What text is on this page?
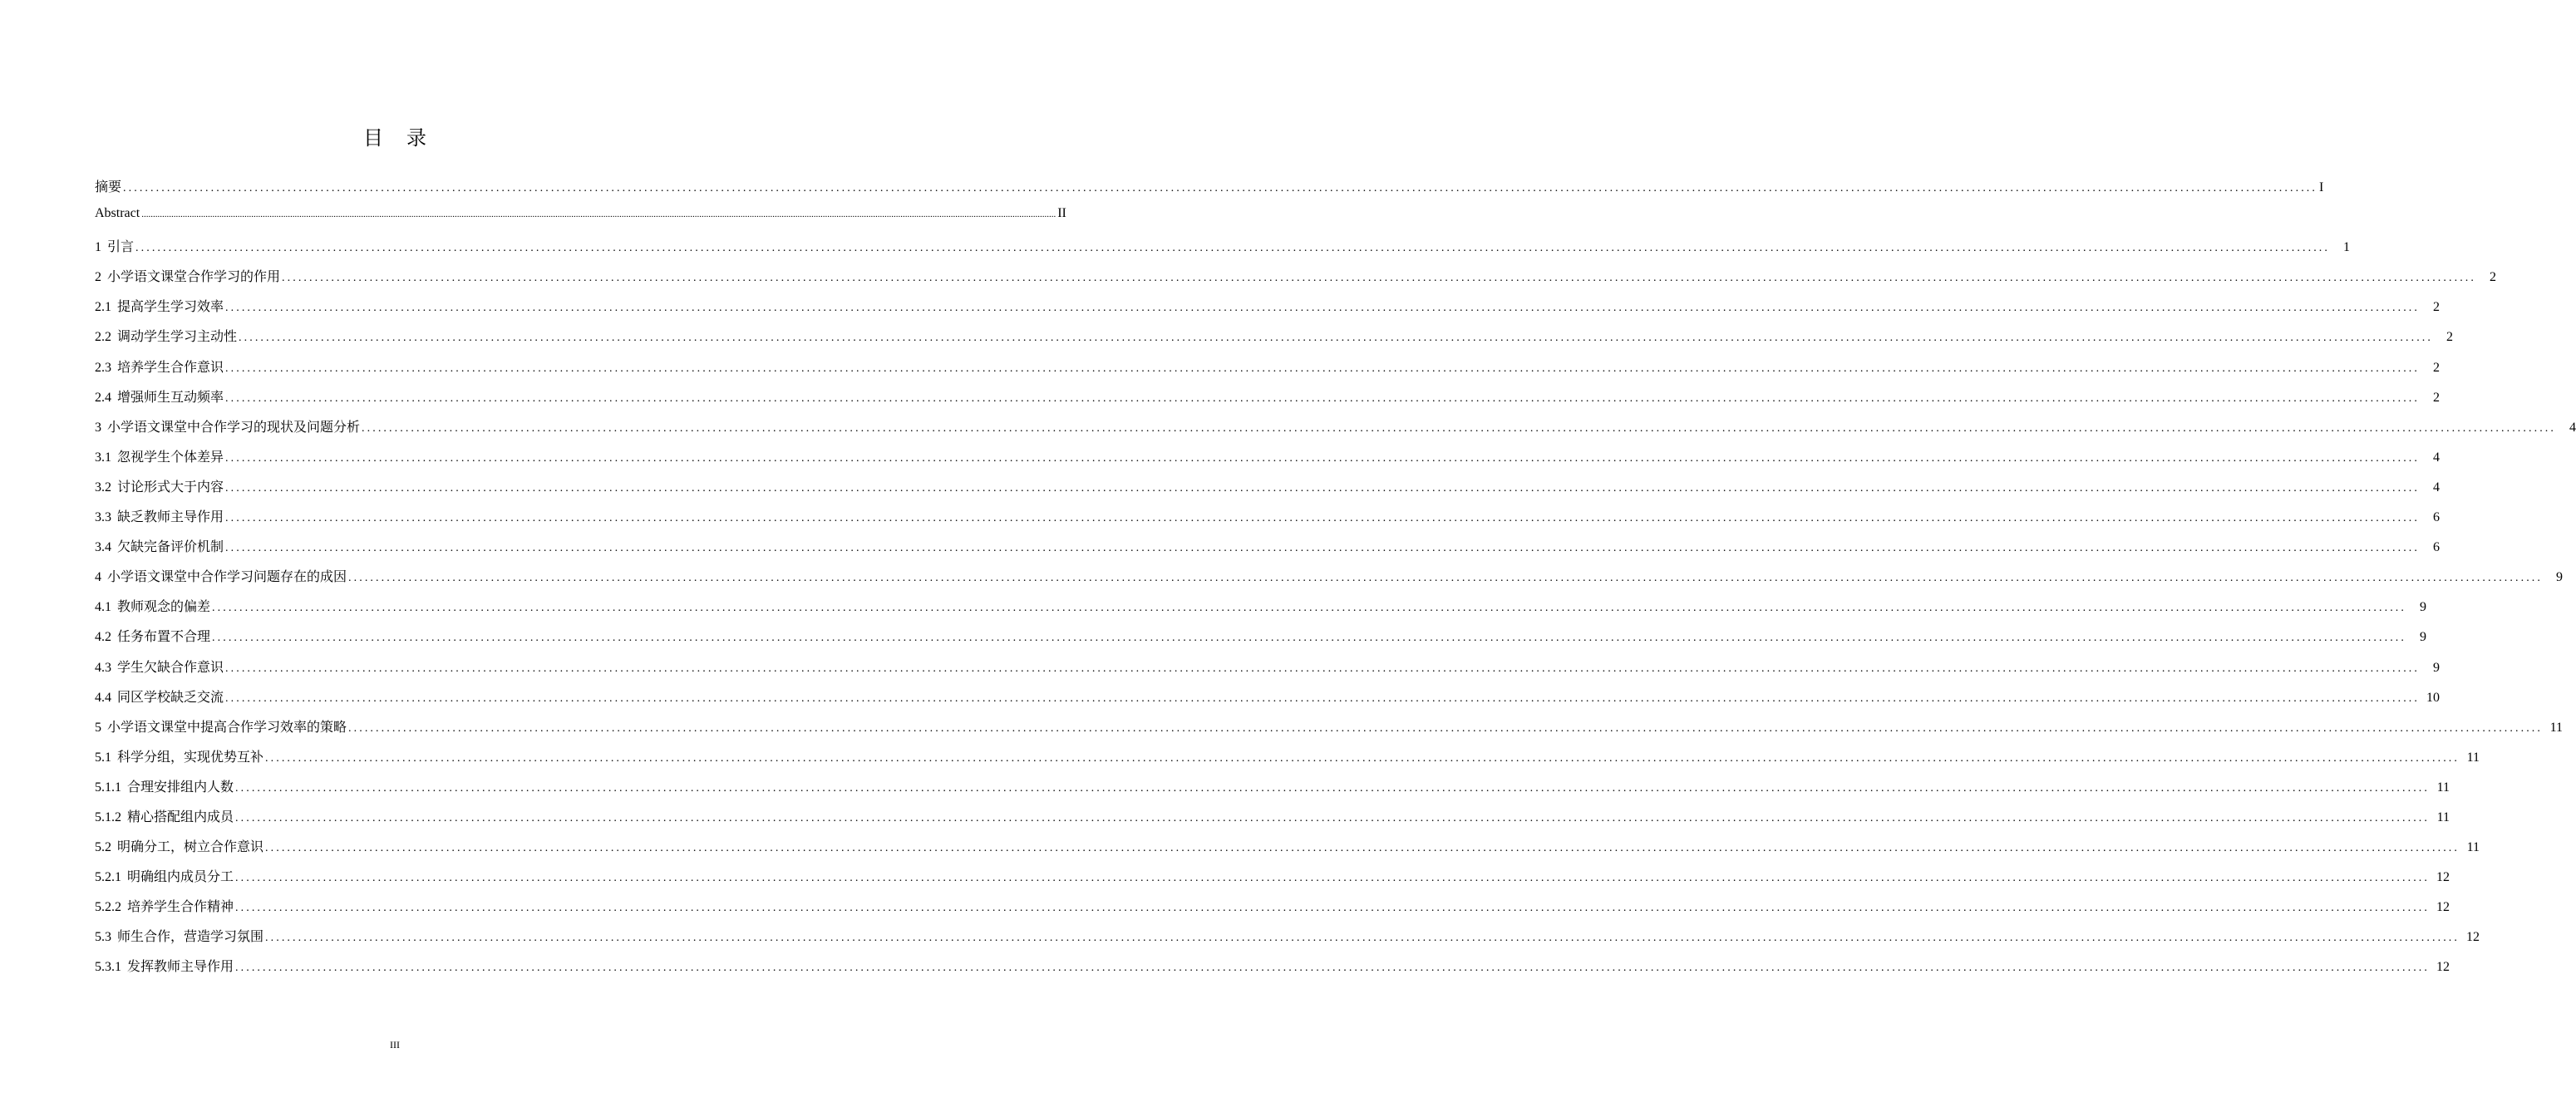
目 录
摘要 ................................................................................................................................................................................................................................................................................................................................................................................................................ I
Abstract ................................................................................................................................................................................................................................................................................................................................................................................................................ II
1 引言 ................................................................................................................................................................................................................................................................................................................................................................................................................	1
2 小学语文课堂合作学习的作用 ................................................................................................................................................................................................................................................................................................................................................................................................................	2
2.1 提高学生学习效率 ................................................................................................................................................................................................................................................................................................................................................................................................................	2
2.2 调动学生学习主动性 ................................................................................................................................................................................................................................................................................................................................................................................................................	2
2.3 培养学生合作意识 ................................................................................................................................................................................................................................................................................................................................................................................................................	2
2.4 增强师生互动频率 ................................................................................................................................................................................................................................................................................................................................................................................................................	2
3 小学语文课堂中合作学习的现状及问题分析 ................................................................................................................................................................................................................................................................................................................................................................................................................	4
3.1 忽视学生个体差异 ................................................................................................................................................................................................................................................................................................................................................................................................................	4
3.2 讨论形式大于内容 ................................................................................................................................................................................................................................................................................................................................................................................................................	4
3.3 缺乏教师主导作用 ................................................................................................................................................................................................................................................................................................................................................................................................................	6
3.4 欠缺完备评价机制 ................................................................................................................................................................................................................................................................................................................................................................................................................	6
4 小学语文课堂中合作学习问题存在的成因 ................................................................................................................................................................................................................................................................................................................................................................................................................	9
4.1 教师观念的偏差 ................................................................................................................................................................................................................................................................................................................................................................................................................	9
4.2 任务布置不合理 ................................................................................................................................................................................................................................................................................................................................................................................................................	9
4.3 学生欠缺合作意识 ................................................................................................................................................................................................................................................................................................................................................................................................................	9
4.4 同区学校缺乏交流 ................................................................................................................................................................................................................................................................................................................................................................................................................ 10
5 小学语文课堂中提高合作学习效率的策略 ................................................................................................................................................................................................................................................................................................................................................................................................................ 11
5.1 科学分组，实现优势互补 ................................................................................................................................................................................................................................................................................................................................................................................................................ 11
5.1.1 合理安排组内人数 ................................................................................................................................................................................................................................................................................................................................................................................................................ 11
5.1.2 精心搭配组内成员 ................................................................................................................................................................................................................................................................................................................................................................................................................ 11
5.2 明确分工，树立合作意识 ................................................................................................................................................................................................................................................................................................................................................................................................................ 11
5.2.1 明确组内成员分工 ................................................................................................................................................................................................................................................................................................................................................................................................................ 12
5.2.2 培养学生合作精神 ................................................................................................................................................................................................................................................................................................................................................................................................................ 12
5.3 师生合作，营造学习氛围 ................................................................................................................................................................................................................................................................................................................................................................................................................ 12
5.3.1 发挥教师主导作用 ................................................................................................................................................................................................................................................................................................................................................................................................................ 12
III
